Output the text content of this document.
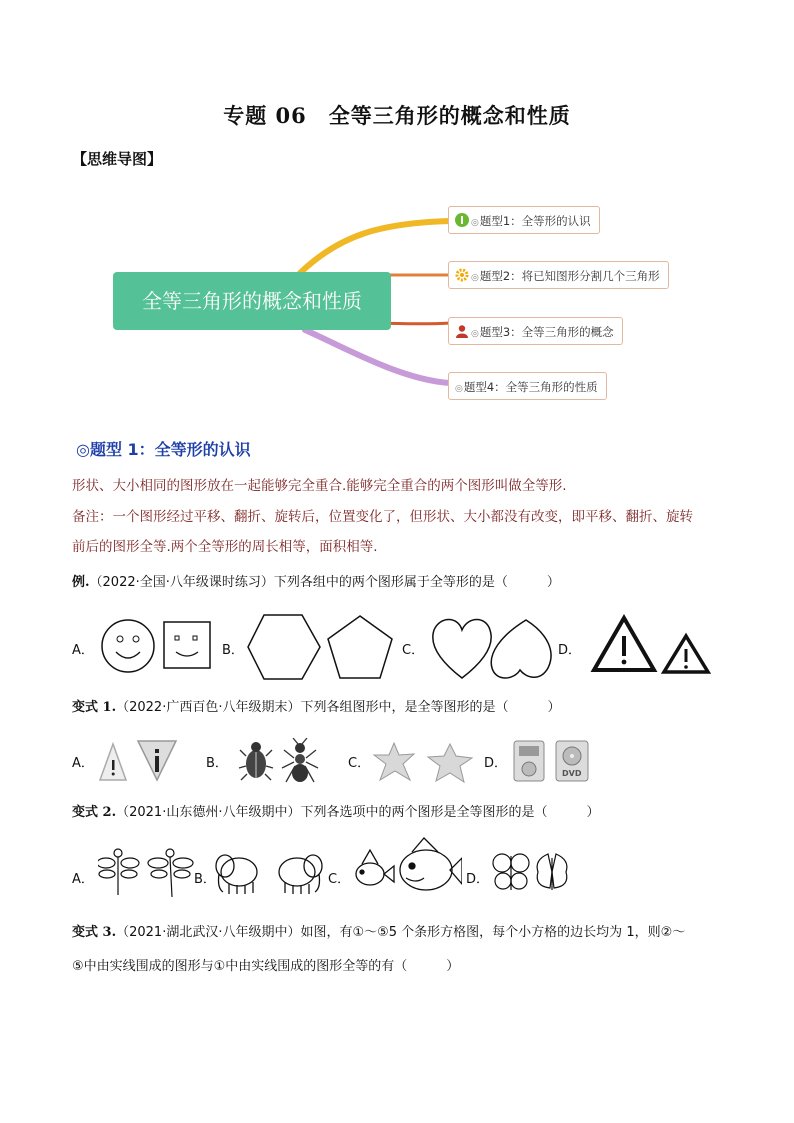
专题 06　全等三角形的概念和性质
【思维导图】
全等三角形的概念和性质
◎题型1：全等形的认识
◎题型2：将已知图形分割几个三角形
◎题型3：全等三角形的概念
◎题型4：全等三角形的性质
◎题型 1：全等形的认识
形状、大小相同的图形放在一起能够完全重合.能够完全重合的两个图形叫做全等形.
备注：一个图形经过平移、翻折、旋转后，位置变化了，但形状、大小都没有改变，即平移、翻折、旋转
前后的图形全等.两个全等形的周长相等，面积相等.
例.（2022·全国·八年级课时练习）下列各组中的两个图形属于全等形的是（　　　）
A．	B．	C．	D．
变式 1.（2022·广西百色·八年级期末）下列各组图形中，是全等图形的是（　　　）
A．	B．	C．	D．
DVD
变式 2.（2021·山东德州·八年级期中）下列各选项中的两个图形是全等图形的是（　　　）
A．	B．	C．	D．
变式 3.（2021·湖北武汉·八年级期中）如图，有①～⑤5 个条形方格图，每个小方格的边长均为 1，则②～
⑤中由实线围成的图形与①中由实线围成的图形全等的有（　　　）
